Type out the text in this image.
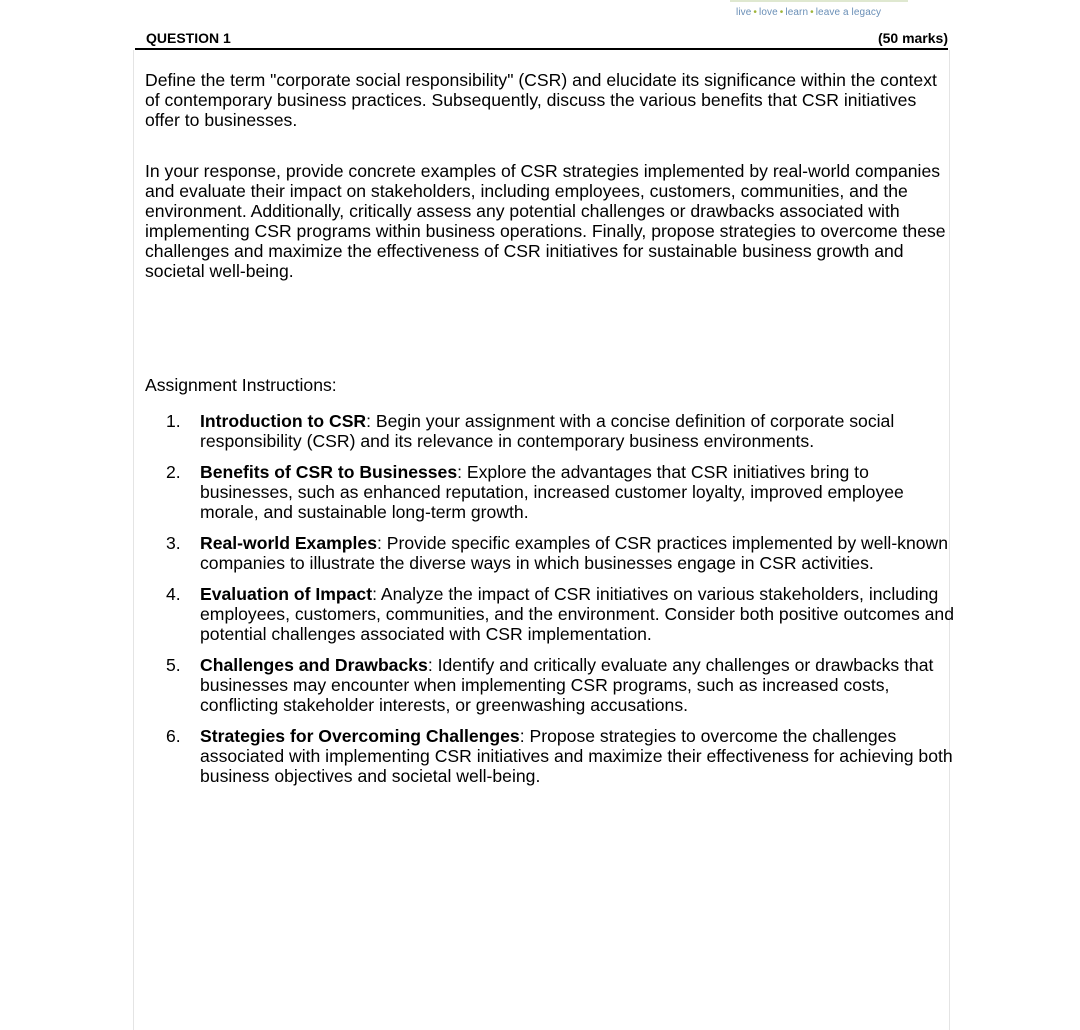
live • love • learn • leave a legacy
QUESTION 1	(50 marks)

Define the term "corporate social responsibility" (CSR) and elucidate its significance within the context of contemporary business practices. Subsequently, discuss the various benefits that CSR initiatives offer to businesses.

In your response, provide concrete examples of CSR strategies implemented by real-world companies and evaluate their impact on stakeholders, including employees, customers, communities, and the environment. Additionally, critically assess any potential challenges or drawbacks associated with implementing CSR programs within business operations. Finally, propose strategies to overcome these challenges and maximize the effectiveness of CSR initiatives for sustainable business growth and societal well-being.

Assignment Instructions:

1. Introduction to CSR: Begin your assignment with a concise definition of corporate social responsibility (CSR) and its relevance in contemporary business environments.
2. Benefits of CSR to Businesses: Explore the advantages that CSR initiatives bring to businesses, such as enhanced reputation, increased customer loyalty, improved employee morale, and sustainable long-term growth.
3. Real-world Examples: Provide specific examples of CSR practices implemented by well-known companies to illustrate the diverse ways in which businesses engage in CSR activities.
4. Evaluation of Impact: Analyze the impact of CSR initiatives on various stakeholders, including employees, customers, communities, and the environment. Consider both positive outcomes and potential challenges associated with CSR implementation.
5. Challenges and Drawbacks: Identify and critically evaluate any challenges or drawbacks that businesses may encounter when implementing CSR programs, such as increased costs, conflicting stakeholder interests, or greenwashing accusations.
6. Strategies for Overcoming Challenges: Propose strategies to overcome the challenges associated with implementing CSR initiatives and maximize their effectiveness for achieving both business objectives and societal well-being.
